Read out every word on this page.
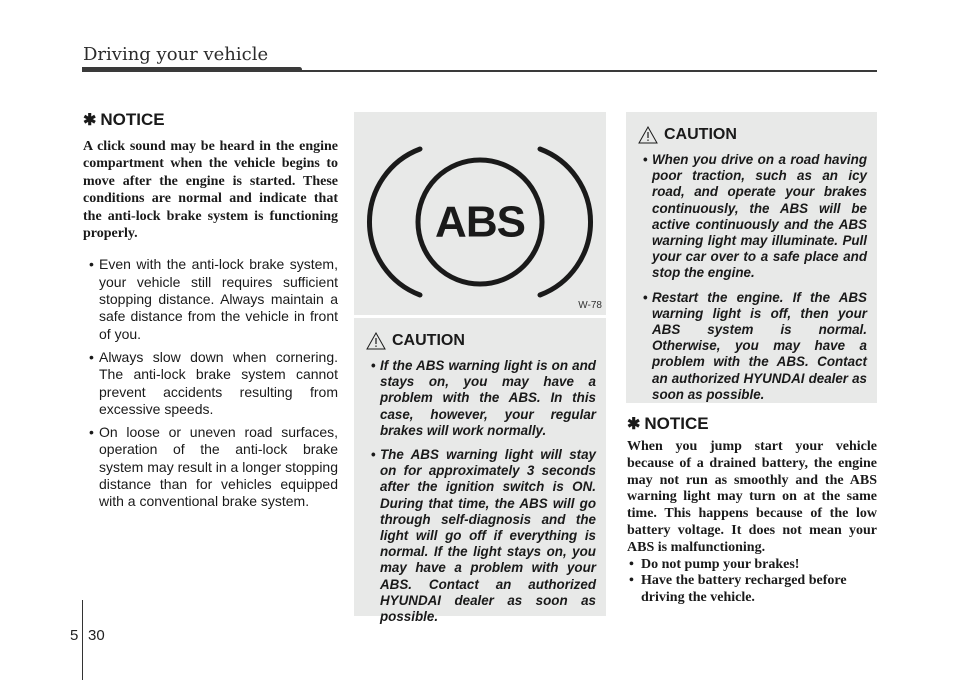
Driving your vehicle
✱ NOTICE
A click sound may be heard in the engine compartment when the vehicle begins to move after the engine is started. These conditions are normal and indicate that the anti-lock brake system is functioning properly.
• Even with the anti-lock brake system, your vehicle still requires sufficient stopping distance. Always maintain a safe distance from the vehicle in front of you.
• Always slow down when cornering. The anti-lock brake system cannot prevent accidents resulting from excessive speeds.
• On loose or uneven road surfaces, operation of the anti-lock brake system may result in a longer stopping distance than for vehicles equipped with a conventional brake system.
ABS
W-78
CAUTION
• If the ABS warning light is on and stays on, you may have a problem with the ABS. In this case, however, your regular brakes will work normally.
• The ABS warning light will stay on for approximately 3 seconds after the ignition switch is ON. During that time, the ABS will go through self-diagnosis and the light will go off if everything is normal. If the light stays on, you may have a problem with your ABS. Contact an authorized HYUNDAI dealer as soon as possible.
CAUTION
• When you drive on a road having poor traction, such as an icy road, and operate your brakes continuously, the ABS will be active continuously and the ABS warning light may illuminate. Pull your car over to a safe place and stop the engine.
• Restart the engine. If the ABS warning light is off, then your ABS system is normal. Otherwise, you may have a problem with the ABS. Contact an authorized HYUNDAI dealer as soon as possible.
✱ NOTICE
When you jump start your vehicle because of a drained battery, the engine may not run as smoothly and the ABS warning light may turn on at the same time. This happens because of the low battery voltage. It does not mean your ABS is malfunctioning.
• Do not pump your brakes!
• Have the battery recharged before driving the vehicle.
5 30
